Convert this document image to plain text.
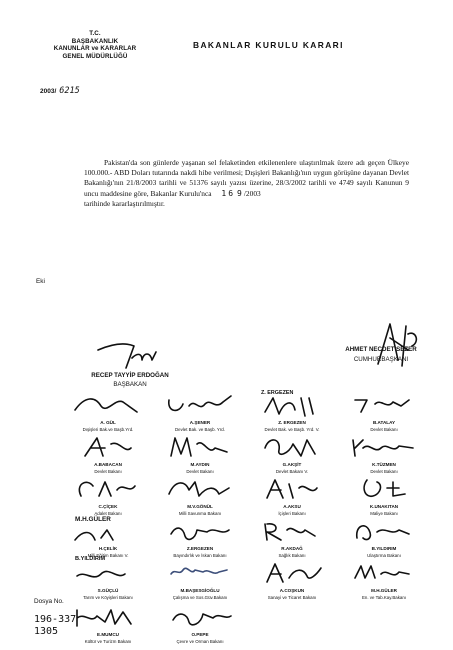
T.C.
BAŞBAKANLIK
KANUNLAR ve KARARLAR
GENEL MÜDÜRLÜĞÜ
BAKANLAR KURULU KARARI
2003/ 6215

Pakistan'da son günlerde yaşanan sel felaketinden etkilenenlere ulaştırılmak üzere adı geçen Ülkeye 100.000.- ABD Doları tutarında nakdi hibe verilmesi; Dışişleri Bakanlığı'nın uygun görüşüne dayanan Devlet Bakanlığı'nın 21/8/2003 tarihli ve 51376 sayılı yazısı üzerine, 28/3/2002 tarihli ve 4749 sayılı Kanunun 9 uncu maddesine göre, Bakanlar Kurulu'nca 16 9/2003

tarihinde kararlaştırılmıştır.

Eki
AHMET NECDET SEZER
CUMHURBAŞKANI
RECEP TAYYİP ERDOĞAN
BAŞBAKAN
A. GÜL
Dışişleri Bak.ve Başb.Yrd.
A.ŞENER
Devlet Bak. ve Başb. Yrd.
Z. ERGEZEN
Z. ERGEZEN
Devlet Bak. ve Başb. Yrd. V.
B.ATALAY
Devlet Bakanı
A.BABACAN
Devlet Bakanı
M.AYDIN
Devlet Bakanı
G.AKŞİT
Devlet Bakanı V.
K.TÜZMEN
Devlet Bakanı
C.ÇİÇEK
Adalet Bakanı
M.V.GÖNÜL
Milli Savunma Bakanı
A.AKSU
İçişleri Bakanı
K.UNAKITAN
Maliye Bakanı
M.H.GÜLER
H.ÇELİK
Milli Eğitim Bakanı V.
Z.ERGEZEN
Bayındırlık ve İskan Bakanı
R.AKDAĞ
Sağlık Bakanı
B.YILDIRIM
Ulaştırma Bakanı
B.YILDIRIM
S.GÜÇLÜ
Tarım ve Köyişleri Bakanı
M.BAŞESGİOĞLU
Çalışma ve Sos.Güv.Bakanı
A.COŞKUN
Sanayi ve Ticaret Bakanı
M.H.GÜLER
En. ve Tab.Kay.Bakanı
E.MUMCU
Kültür ve Turizm Bakanı
O.PEPE
Çevre ve Orman Bakanı
Dosya No.
196-337
1305
